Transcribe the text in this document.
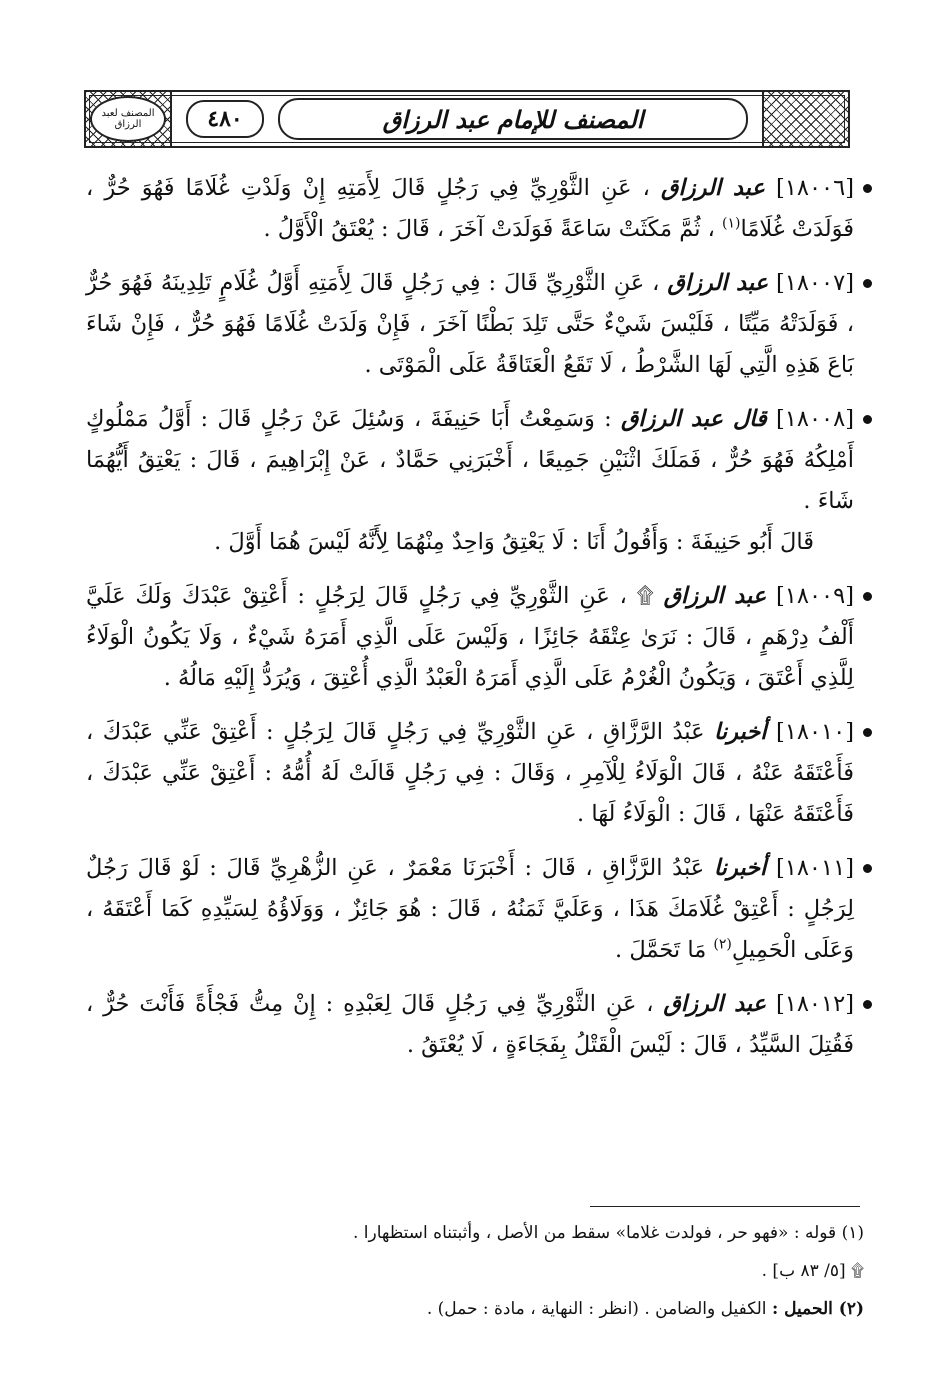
المصنف لعبد الرزاق	٤٨٠	المصنف للإمام عبد الرزاق
[١٨٠٠٦] عبد الرزاق ، عَنِ الثَّوْرِيِّ فِي رَجُلٍ قَالَ لِأَمَتِهِ إِنْ وَلَدْتِ غُلَامًا فَهُوَ حُرٌّ ، فَوَلَدَتْ غُلَامًا$^{(١)}$ ، ثُمَّ مَكَثَتْ سَاعَةً فَوَلَدَتْ آخَرَ ، قَالَ : يُعْتَقُ الْأَوَّلُ .
[١٨٠٠٧] عبد الرزاق ، عَنِ الثَّوْرِيِّ قَالَ : فِي رَجُلٍ قَالَ لِأَمَتِهِ أَوَّلُ غُلَامٍ تَلِدِينَهُ فَهُوَ حُرٌّ ، فَوَلَدَتْهُ مَيِّتًا ، فَلَيْسَ شَيْءٌ حَتَّى تَلِدَ بَطْنًا آخَرَ ، فَإِنْ وَلَدَتْ غُلَامًا فَهُوَ حُرٌّ ، فَإِنْ شَاءَ بَاعَ هَذِهِ الَّتِي لَهَا الشَّرْطُ ، لَا تَقَعُ الْعَتَاقَةُ عَلَى الْمَوْتَى .
[١٨٠٠٨] قال عبد الرزاق : وَسَمِعْتُ أَبَا حَنِيفَةَ ، وَسُئِلَ عَنْ رَجُلٍ قَالَ : أَوَّلُ مَمْلُوكٍ أَمْلِكُهُ فَهُوَ حُرٌّ ، فَمَلَكَ اثْنَيْنِ جَمِيعًا ، أَخْبَرَنِي حَمَّادٌ ، عَنْ إِبْرَاهِيمَ ، قَالَ : يَعْتِقُ أَيُّهُمَا شَاءَ .

قَالَ أَبُو حَنِيفَةَ : وَأَقُولُ أَنَا : لَا يَعْتِقُ وَاحِدٌ مِنْهُمَا لِأَنَّهُ لَيْسَ هُمَا أَوَّلَ .

[١٨٠٠٩] عبد الرزاق ۩ ، عَنِ الثَّوْرِيِّ فِي رَجُلٍ قَالَ لِرَجُلٍ : أَعْتِقْ عَبْدَكَ وَلَكَ عَلَيَّ أَلْفُ دِرْهَمٍ ، قَالَ : نَرَىٰ عِتْقَهُ جَائِزًا ، وَلَيْسَ عَلَى الَّذِي أَمَرَهُ شَيْءٌ ، وَلَا يَكُونُ الْوَلَاءُ لِلَّذِي أَعْتَقَ ، وَيَكُونُ الْغُرْمُ عَلَى الَّذِي أَمَرَهُ الْعَبْدُ الَّذِي أُعْتِقَ ، وَيُرَدُّ إِلَيْهِ مَالُهُ .
[١٨٠١٠] أخبرنا عَبْدُ الرَّزَّاقِ ، عَنِ الثَّوْرِيِّ فِي رَجُلٍ قَالَ لِرَجُلٍ : أَعْتِقْ عَنِّي عَبْدَكَ ، فَأَعْتَقَهُ عَنْهُ ، قَالَ الْوَلَاءُ لِلْآمِرِ ، وَقَالَ : فِي رَجُلٍ قَالَتْ لَهُ أُمُّهُ : أَعْتِقْ عَنِّي عَبْدَكَ ، فَأَعْتَقَهُ عَنْهَا ، قَالَ : الْوَلَاءُ لَهَا .
[١٨٠١١] أخبرنا عَبْدُ الرَّزَّاقِ ، قَالَ : أَخْبَرَنَا مَعْمَرٌ ، عَنِ الزُّهْرِيِّ قَالَ : لَوْ قَالَ رَجُلٌ لِرَجُلٍ : أَعْتِقْ غُلَامَكَ هَذَا ، وَعَلَيَّ ثَمَنُهُ ، قَالَ : هُوَ جَائِزٌ ، وَوَلَاؤُهُ لِسَيِّدِهِ كَمَا أَعْتَقَهُ ، وَعَلَى الْحَمِيلِ$^{(٢)}$ مَا تَحَمَّلَ .
[١٨٠١٢] عبد الرزاق ، عَنِ الثَّوْرِيِّ فِي رَجُلٍ قَالَ لِعَبْدِهِ : إِنْ مِتُّ فَجْأَةً فَأَنْتَ حُرٌّ ، فَقُتِلَ السَّيِّدُ ، قَالَ : لَيْسَ الْقَتْلُ بِفَجَاءَةٍ ، لَا يُعْتَقُ .

(١) قوله : «فهو حر ، فولدت غلاما» سقط من الأصل ، وأثبتناه استظهارا .

۩ [٥/ ٨٣ ب] .

(٢) الحميل : الكفيل والضامن . (انظر : النهاية ، مادة : حمل) .
